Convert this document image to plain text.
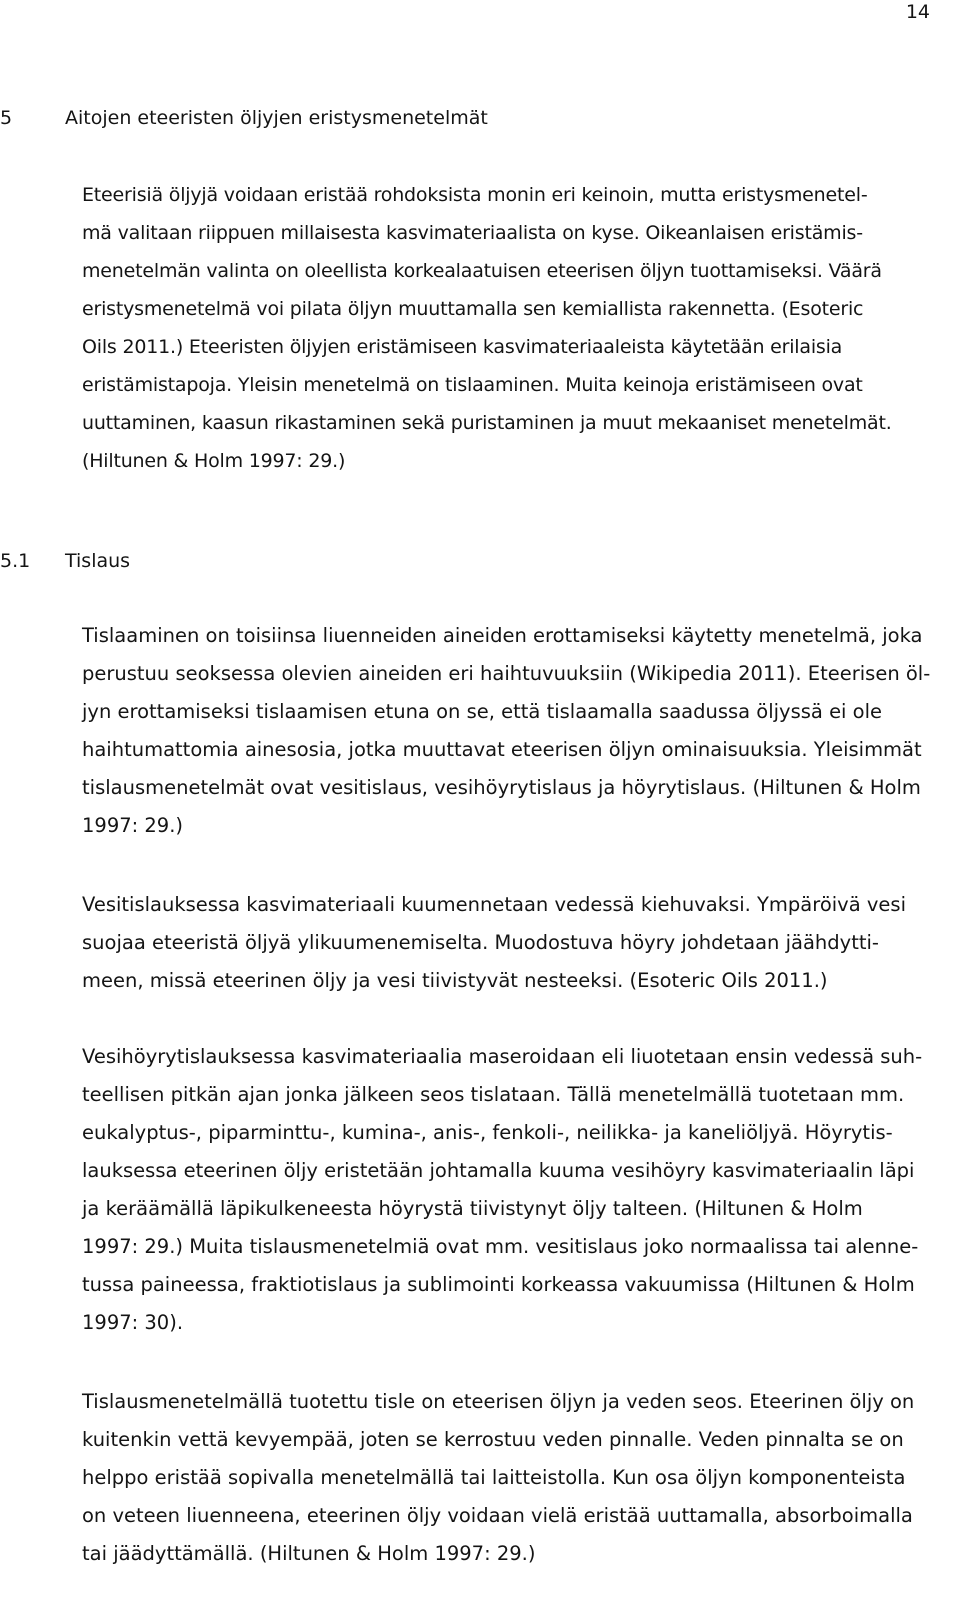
14
5	Aitojen eteeristen öljyjen eristysmenetelmät

Eteerisiä öljyjä voidaan eristää rohdoksista monin eri keinoin, mutta eristysmenetel-
mä valitaan riippuen millaisesta kasvimateriaalista on kyse. Oikeanlaisen eristämis-
menetelmän valinta on oleellista korkealaatuisen eteerisen öljyn tuottamiseksi. Väärä
eristysmenetelmä voi pilata öljyn muuttamalla sen kemiallista rakennetta. (Esoteric
Oils 2011.) Eteeristen öljyjen eristämiseen kasvimateriaaleista käytetään erilaisia
eristämistapoja. Yleisin menetelmä on tislaaminen. Muita keinoja eristämiseen ovat
uuttaminen, kaasun rikastaminen sekä puristaminen ja muut mekaaniset menetelmät.
(Hiltunen & Holm 1997: 29.)

5.1 Tislaus

Tislaaminen on toisiinsa liuenneiden aineiden erottamiseksi käytetty menetelmä, joka
perustuu seoksessa olevien aineiden eri haihtuvuuksiin (Wikipedia 2011). Eteerisen öl-
jyn erottamiseksi tislaamisen etuna on se, että tislaamalla saadussa öljyssä ei ole
haihtumattomia ainesosia, jotka muuttavat eteerisen öljyn ominaisuuksia. Yleisimmät
tislausmenetelmät ovat vesitislaus, vesihöyrytislaus ja höyrytislaus. (Hiltunen & Holm
1997: 29.)

Vesitislauksessa kasvimateriaali kuumennetaan vedessä kiehuvaksi. Ympäröivä vesi
suojaa eteeristä öljyä ylikuumenemiselta. Muodostuva höyry johdetaan jäähdytti-
meen, missä eteerinen öljy ja vesi tiivistyvät nesteeksi. (Esoteric Oils 2011.)

Vesihöyrytislauksessa kasvimateriaalia maseroidaan eli liuotetaan ensin vedessä suh-
teellisen pitkän ajan jonka jälkeen seos tislataan. Tällä menetelmällä tuotetaan mm.
eukalyptus-, piparminttu-, kumina-, anis-, fenkoli-, neilikka- ja kaneliöljyä. Höyrytis-
lauksessa eteerinen öljy eristetään johtamalla kuuma vesihöyry kasvimateriaalin läpi
ja keräämällä läpikulkeneesta höyrystä tiivistynyt öljy talteen. (Hiltunen & Holm
1997: 29.) Muita tislausmenetelmiä ovat mm. vesitislaus joko normaalissa tai alenne-
tussa paineessa, fraktiotislaus ja sublimointi korkeassa vakuumissa (Hiltunen & Holm
1997: 30).

Tislausmenetelmällä tuotettu tisle on eteerisen öljyn ja veden seos. Eteerinen öljy on
kuitenkin vettä kevyempää, joten se kerrostuu veden pinnalle. Veden pinnalta se on
helppo eristää sopivalla menetelmällä tai laitteistolla. Kun osa öljyn komponenteista
on veteen liuenneena, eteerinen öljy voidaan vielä eristää uuttamalla, absorboimalla
tai jäädyttämällä. (Hiltunen & Holm 1997: 29.)
